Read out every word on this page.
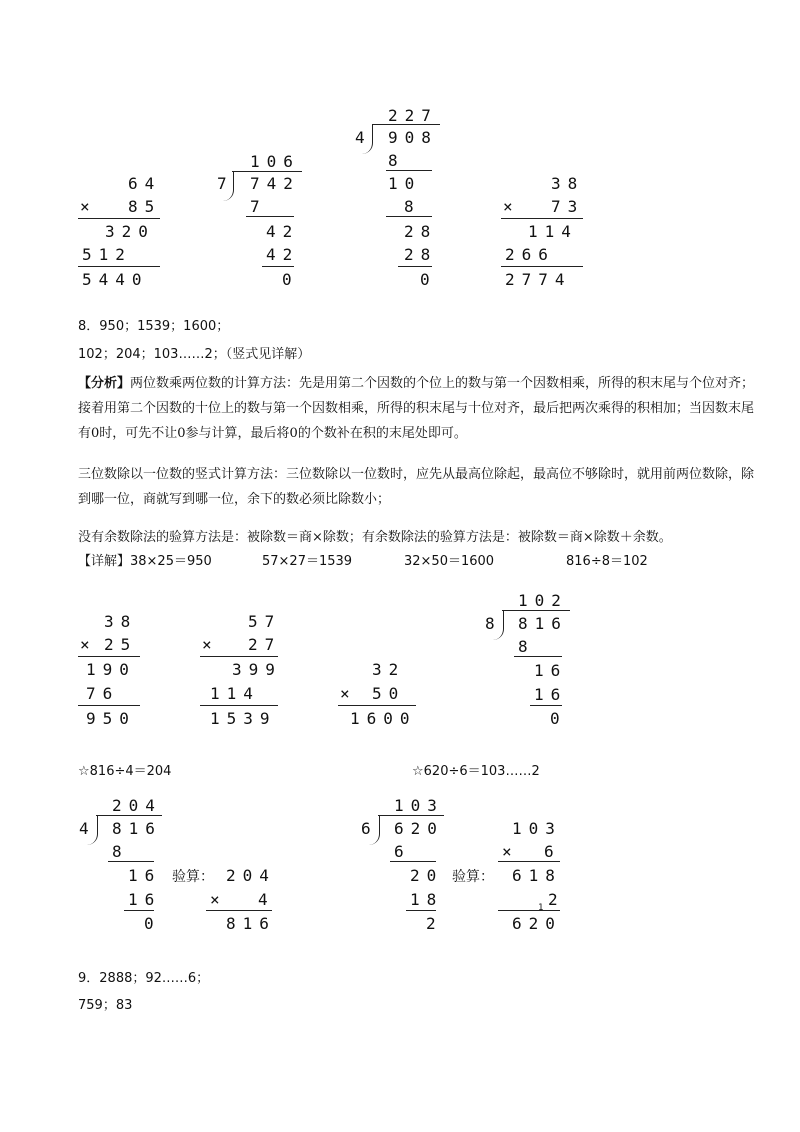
64
× 85
320
512
5440
106
7 742
7
42
42
0
227
4 908
8
10
8
28
28
0
38
× 73
114
266
2774
8．950；1539；1600；
102；204；103……2；（竖式见详解）
【分析】两位数乘两位数的计算方法：先是用第二个因数的个位上的数与第一个因数相乘，所得的积末尾与个位对齐；接着用第二个因数的十位上的数与第一个因数相乘，所得的积末尾与十位对齐，最后把两次乘得的积相加；当因数末尾有0时，可先不让0参与计算，最后将0的个数补在积的末尾处即可。
三位数除以一位数的竖式计算方法：三位数除以一位数时，应先从最高位除起，最高位不够除时，就用前两位数除，除到哪一位，商就写到哪一位，余下的数必须比除数小；
没有余数除法的验算方法是：被除数＝商×除数；有余数除法的验算方法是：被除数＝商×除数＋余数。
【详解】 38×25＝950	57×27＝1539	32×50＝1600	816÷8＝102
38
× 25
190
76
950
57
× 27
399
114
1539
32
× 50
1600
102
8 816
8
16
16
0
☆816÷4＝204	☆620÷6＝103……2
204
4 816
8
16
16
0
验算： 204
× 4
816
103
6 620
6
20
18
2
验算：
103
× 6
618
1 2
620
9．2888；92……6；
759；83
